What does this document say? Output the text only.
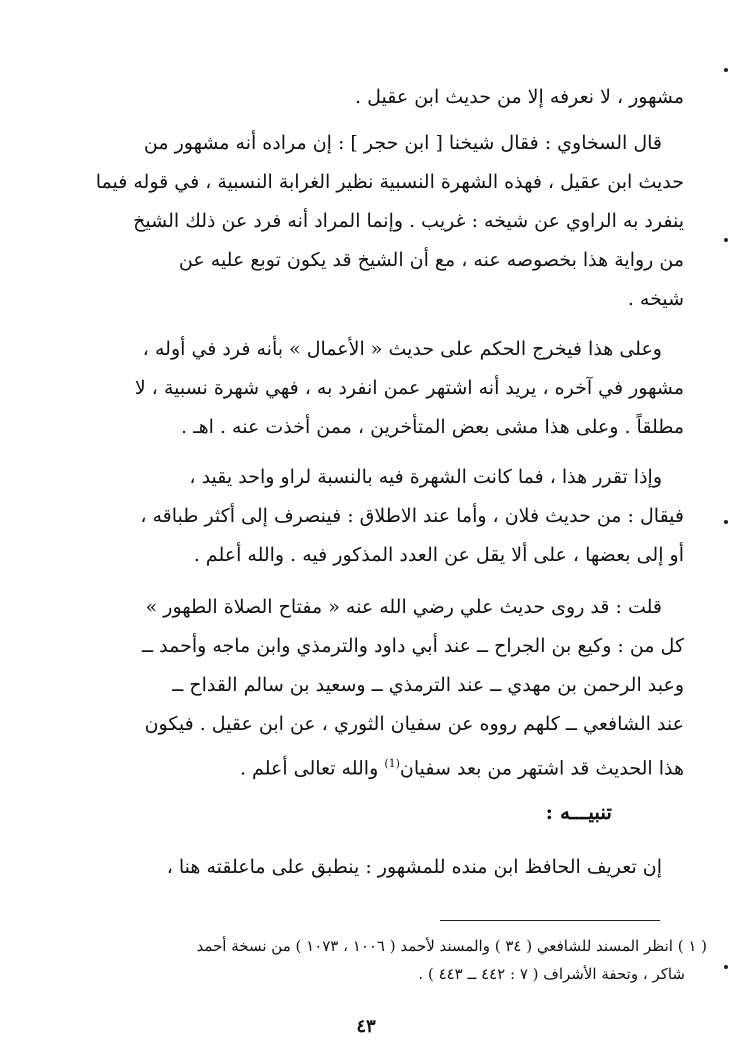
مشهور ، لا نعرفه إلا من حديث ابن عقيل .

قال السخاوي : فقال شيخنا [ ابن حجر ] : إن مراده أنه مشهور من

حديث ابن عقيل ، فهذه الشهرة النسبية نظير الغرابة النسبية ، في قوله فيما

ينفرد به الراوي عن شيخه : غريب . وإنما المراد أنه فرد عن ذلك الشيخ

من رواية هذا بخصوصه عنه ، مع أن الشيخ قد يكون توبع عليه عن

شيخه .

وعلى هذا فيخرج الحكم على حديث « الأعمال » بأنه فرد في أوله ،

مشهور في آخره ، يريد أنه اشتهر عمن انفرد به ، فهي شهرة نسبية ، لا

مطلقاً . وعلى هذا مشى بعض المتأخرين ، ممن أخذت عنه . اهـ .

وإذا تقرر هذا ، فما كانت الشهرة فيه بالنسبة لراو واحد يقيد ،

فيقال : من حديث فلان ، وأما عند الاطلاق : فينصرف إلى أكثر طباقه ،

أو إلى بعضها ، على ألا يقل عن العدد المذكور فيه . والله أعلم .

قلت : قد روى حديث علي رضي الله عنه « مفتاح الصلاة الطهور »

كل من : وكيع بن الجراح ــ عند أبي داود والترمذي وابن ماجه وأحمد ــ

وعبد الرحمن بن مهدي ــ عند الترمذي ــ وسعيد بن سالم القداح ــ

عند الشافعي ــ كلهم رووه عن سفيان الثوري ، عن ابن عقيل . فيكون

هذا الحديث قد اشتهر من بعد سفيان$^{(1)}$ والله تعالى أعلم .

تنبيـــه :

إن تعريف الحافظ ابن منده للمشهور : ينطبق على ماعلقته هنا ،

( ١ ) انظر المسند للشافعي ( ٣٤ ) والمسند لأحمد ( ١٠٠٦ ، ١٠٧٣ ) من نسخة أحمد

شاكر ، وتحفة الأشراف ( ٧ : ٤٤٢ ــ ٤٤٣ ) .

٤٣
